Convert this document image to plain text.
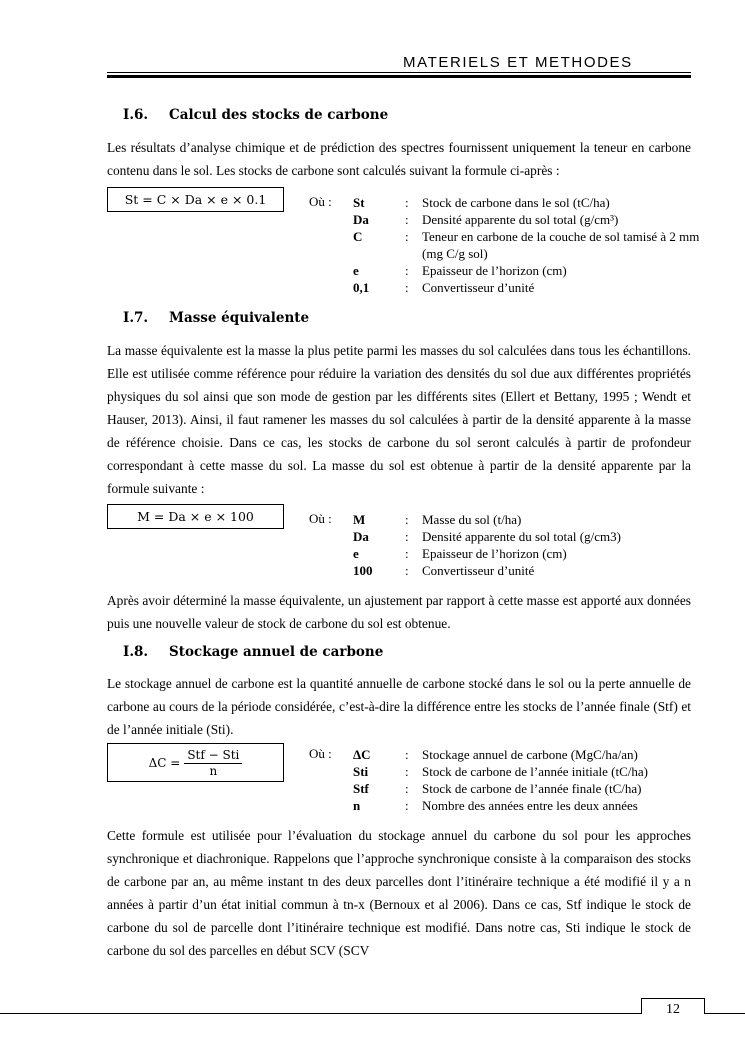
MATERIELS ET METHODES
I.6. Calcul des stocks de carbone
Les résultats d’analyse chimique et de prédiction des spectres fournissent uniquement la teneur en carbone contenu dans le sol. Les stocks de carbone sont calculés suivant la formule ci-après :
St = C × Da × e × 0.1	Où : St	:	Stock de carbone dans le sol (tC/ha)
Da	:	Densité apparente du sol total (g/cm³)
C	:	Teneur en carbone de la couche de sol tamisé à 2 mm (mg C/g sol)
e	:	Epaisseur de l’horizon (cm)
0,1	:	Convertisseur d’unité
I.7. Masse équivalente
La masse équivalente est la masse la plus petite parmi les masses du sol calculées dans tous les échantillons. Elle est utilisée comme référence pour réduire la variation des densités du sol due aux différentes propriétés physiques du sol ainsi que son mode de gestion par les différents sites (Ellert et Bettany, 1995 ; Wendt et Hauser, 2013). Ainsi, il faut ramener les masses du sol calculées à partir de la densité apparente à la masse de référence choisie. Dans ce cas, les stocks de carbone du sol seront calculés à partir de profondeur correspondant à cette masse du sol. La masse du sol est obtenue à partir de la densité apparente par la formule suivante :
M = Da × e × 100	Où : M	:	Masse du sol (t/ha)
Da	:	Densité apparente du sol total (g/cm3)
e	:	Epaisseur de l’horizon (cm)
100	:	Convertisseur d’unité
Après avoir déterminé la masse équivalente, un ajustement par rapport à cette masse est apporté aux données puis une nouvelle valeur de stock de carbone du sol est obtenue.
I.8. Stockage annuel de carbone
Le stockage annuel de carbone est la quantité annuelle de carbone stocké dans le sol ou la perte annuelle de carbone au cours de la période considérée, c’est-à-dire la différence entre les stocks de l’année finale (Stf) et de l’année initiale (Sti).
$\Delta C = \frac{\text{Stf − Sti}}{n}$	Où : ΔC	:	Stockage annuel de carbone (MgC/ha/an)
Sti	:	Stock de carbone de l’année initiale (tC/ha)
Stf	:	Stock de carbone de l’année finale (tC/ha)
n	:	Nombre des années entre les deux années
Cette formule est utilisée pour l’évaluation du stockage annuel du carbone du sol pour les approches synchronique et diachronique. Rappelons que l’approche synchronique consiste à la comparaison des stocks de carbone par an, au même instant tn des deux parcelles dont l’itinéraire technique a été modifié il y a n années à partir d’un état initial commun à tn-x (Bernoux et al 2006). Dans ce cas, Stf indique le stock de carbone du sol de parcelle dont l’itinéraire technique est modifié. Dans notre cas, Sti indique le stock de carbone du sol des parcelles en début SCV (SCV
12
